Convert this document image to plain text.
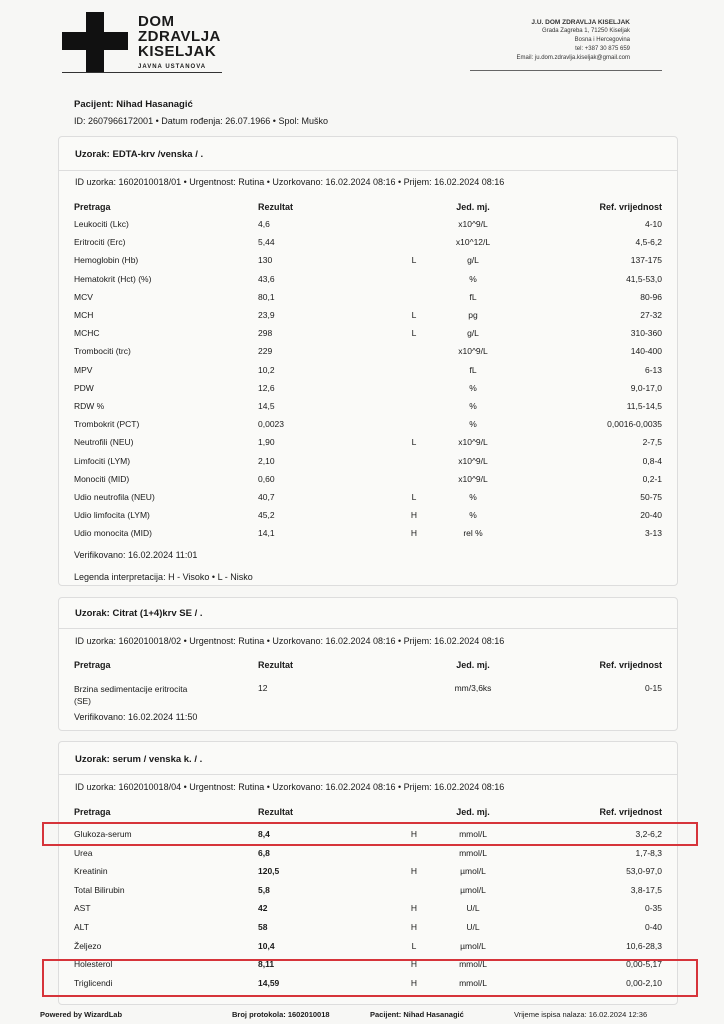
DOM
ZDRAVLJA
KISELJAK
JAVNA USTANOVA
J.U. DOM ZDRAVLJA KISELJAK
Grada Zagreba 1, 71250 Kiseljak
Bosna i Hercegovina
tel: +387 30 875 659
Email: ju.dom.zdravlja.kiseljak@gmail.com
Pacijent: Nihad Hasanagić
ID: 2607966172001 • Datum rođenja: 26.07.1966 • Spol: Muško
Uzorak: EDTA-krv /venska / .
ID uzorka: 1602010018/01 • Urgentnost: Rutina • Uzorkovano: 16.02.2024 08:16 • Prijem: 16.02.2024 08:16
Uzorak: Citrat (1+4)krv SE / .
ID uzorka: 1602010018/02 • Urgentnost: Rutina • Uzorkovano: 16.02.2024 08:16 • Prijem: 16.02.2024 08:16
Uzorak: serum / venska k. / .
ID uzorka: 1602010018/04 • Urgentnost: Rutina • Uzorkovano: 16.02.2024 08:16 • Prijem: 16.02.2024 08:16
Pretraga	Rezultat	Jed. mj.	Ref. vrijednost
Pretraga	Rezultat	Jed. mj.	Ref. vrijednost
Pretraga	Rezultat	Jed. mj.	Ref. vrijednost
Leukociti (Lkc)	4,6	x10^9/L	4-10
Eritrociti (Erc)	5,44	x10^12/L	4,5-6,2
Hemoglobin (Hb)	130	L	g/L	137-175
Hematokrit (Hct) (%)	43,6	%	41,5-53,0
MCV	80,1	fL	80-96
MCH	23,9	L	pg	27-32
MCHC	298	L	g/L	310-360
Trombociti (trc)	229	x10^9/L	140-400
MPV	10,2	fL	6-13
PDW	12,6	%	9,0-17,0
RDW %	14,5	%	11,5-14,5
Trombokrit (PCT)	0,0023	%	0,0016-0,0035
Neutrofili (NEU)	1,90	L	x10^9/L	2-7,5
Limfociti (LYM)	2,10	x10^9/L	0,8-4
Monociti (MID)	0,60	x10^9/L	0,2-1
Udio neutrofila (NEU)	40,7	L	%	50-75
Udio limfocita (LYM)	45,2	H	%	20-40
Udio monocita (MID)	14,1	H	rel %	3-13
Verifikovano: 16.02.2024 11:01
Legenda interpretacija: H - Visoko • L - Nisko
Brzina sedimentacije eritrocita
(SE)
12	mm/3,6ks	0-15
Verifikovano: 16.02.2024 11:50
Glukoza-serum	8,4	H	mmol/L	3,2-6,2
Urea	6,8	mmol/L	1,7-8,3
Kreatinin	120,5	H	µmol/L	53,0-97,0
Total Bilirubin	5,8	µmol/L	3,8-17,5
AST	42	H	U/L	0-35
ALT	58	H	U/L	0-40
Željezo	10,4	L	µmol/L	10,6-28,3
Holesterol	8,11	H	mmol/L	0,00-5,17
Triglicendi	14,59	H	mmol/L	0,00-2,10
Powered by WizardLab	Broj protokola: 1602010018	Pacijent: Nihad Hasanagić	Vrijeme ispisa nalaza: 16.02.2024 12:36
